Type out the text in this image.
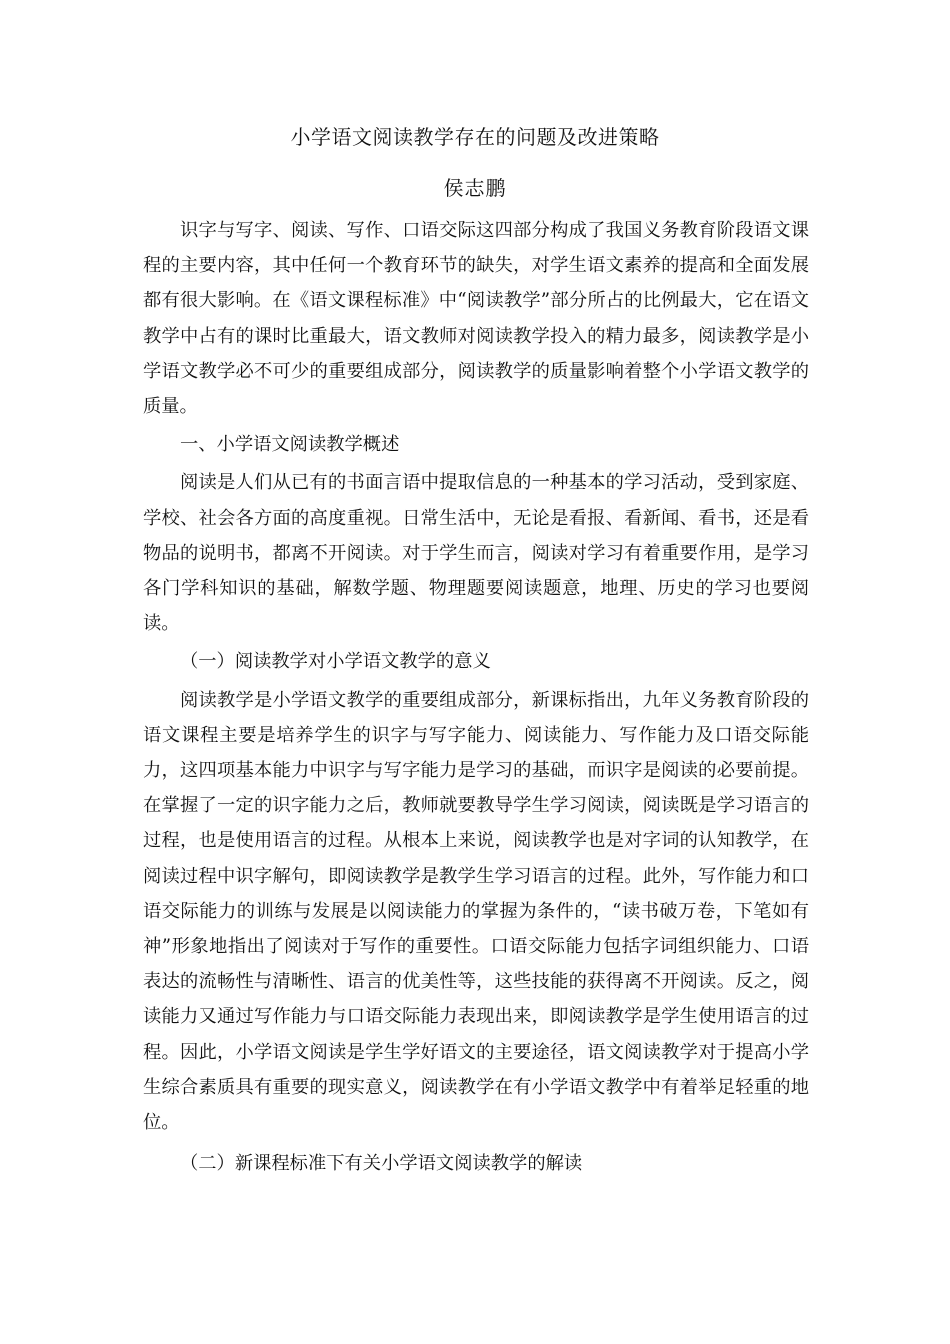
小学语文阅读教学存在的问题及改进策略
侯志鹏

识字与写字、阅读、写作、口语交际这四部分构成了我国义务教育阶段语文课程的主要内容，其中任何一个教育环节的缺失，对学生语文素养的提高和全面发展都有很大影响。在《语文课程标准》中“阅读教学”部分所占的比例最大，它在语文教学中占有的课时比重最大，语文教师对阅读教学投入的精力最多，阅读教学是小学语文教学必不可少的重要组成部分，阅读教学的质量影响着整个小学语文教学的质量。

一、小学语文阅读教学概述

阅读是人们从已有的书面言语中提取信息的一种基本的学习活动，受到家庭、学校、社会各方面的高度重视。日常生活中，无论是看报、看新闻、看书，还是看物品的说明书，都离不开阅读。对于学生而言，阅读对学习有着重要作用，是学习各门学科知识的基础，解数学题、物理题要阅读题意，地理、历史的学习也要阅读。

（一）阅读教学对小学语文教学的意义

阅读教学是小学语文教学的重要组成部分，新课标指出，九年义务教育阶段的语文课程主要是培养学生的识字与写字能力、阅读能力、写作能力及口语交际能力，这四项基本能力中识字与写字能力是学习的基础，而识字是阅读的必要前提。在掌握了一定的识字能力之后，教师就要教导学生学习阅读，阅读既是学习语言的过程，也是使用语言的过程。从根本上来说，阅读教学也是对字词的认知教学，在阅读过程中识字解句，即阅读教学是教学生学习语言的过程。此外，写作能力和口语交际能力的训练与发展是以阅读能力的掌握为条件的，“读书破万卷，下笔如有神”形象地指出了阅读对于写作的重要性。口语交际能力包括字词组织能力、口语表达的流畅性与清晰性、语言的优美性等，这些技能的获得离不开阅读。反之，阅读能力又通过写作能力与口语交际能力表现出来，即阅读教学是学生使用语言的过程。因此，小学语文阅读是学生学好语文的主要途径，语文阅读教学对于提高小学生综合素质具有重要的现实意义，阅读教学在有小学语文教学中有着举足轻重的地位。

（二）新课程标准下有关小学语文阅读教学的解读
